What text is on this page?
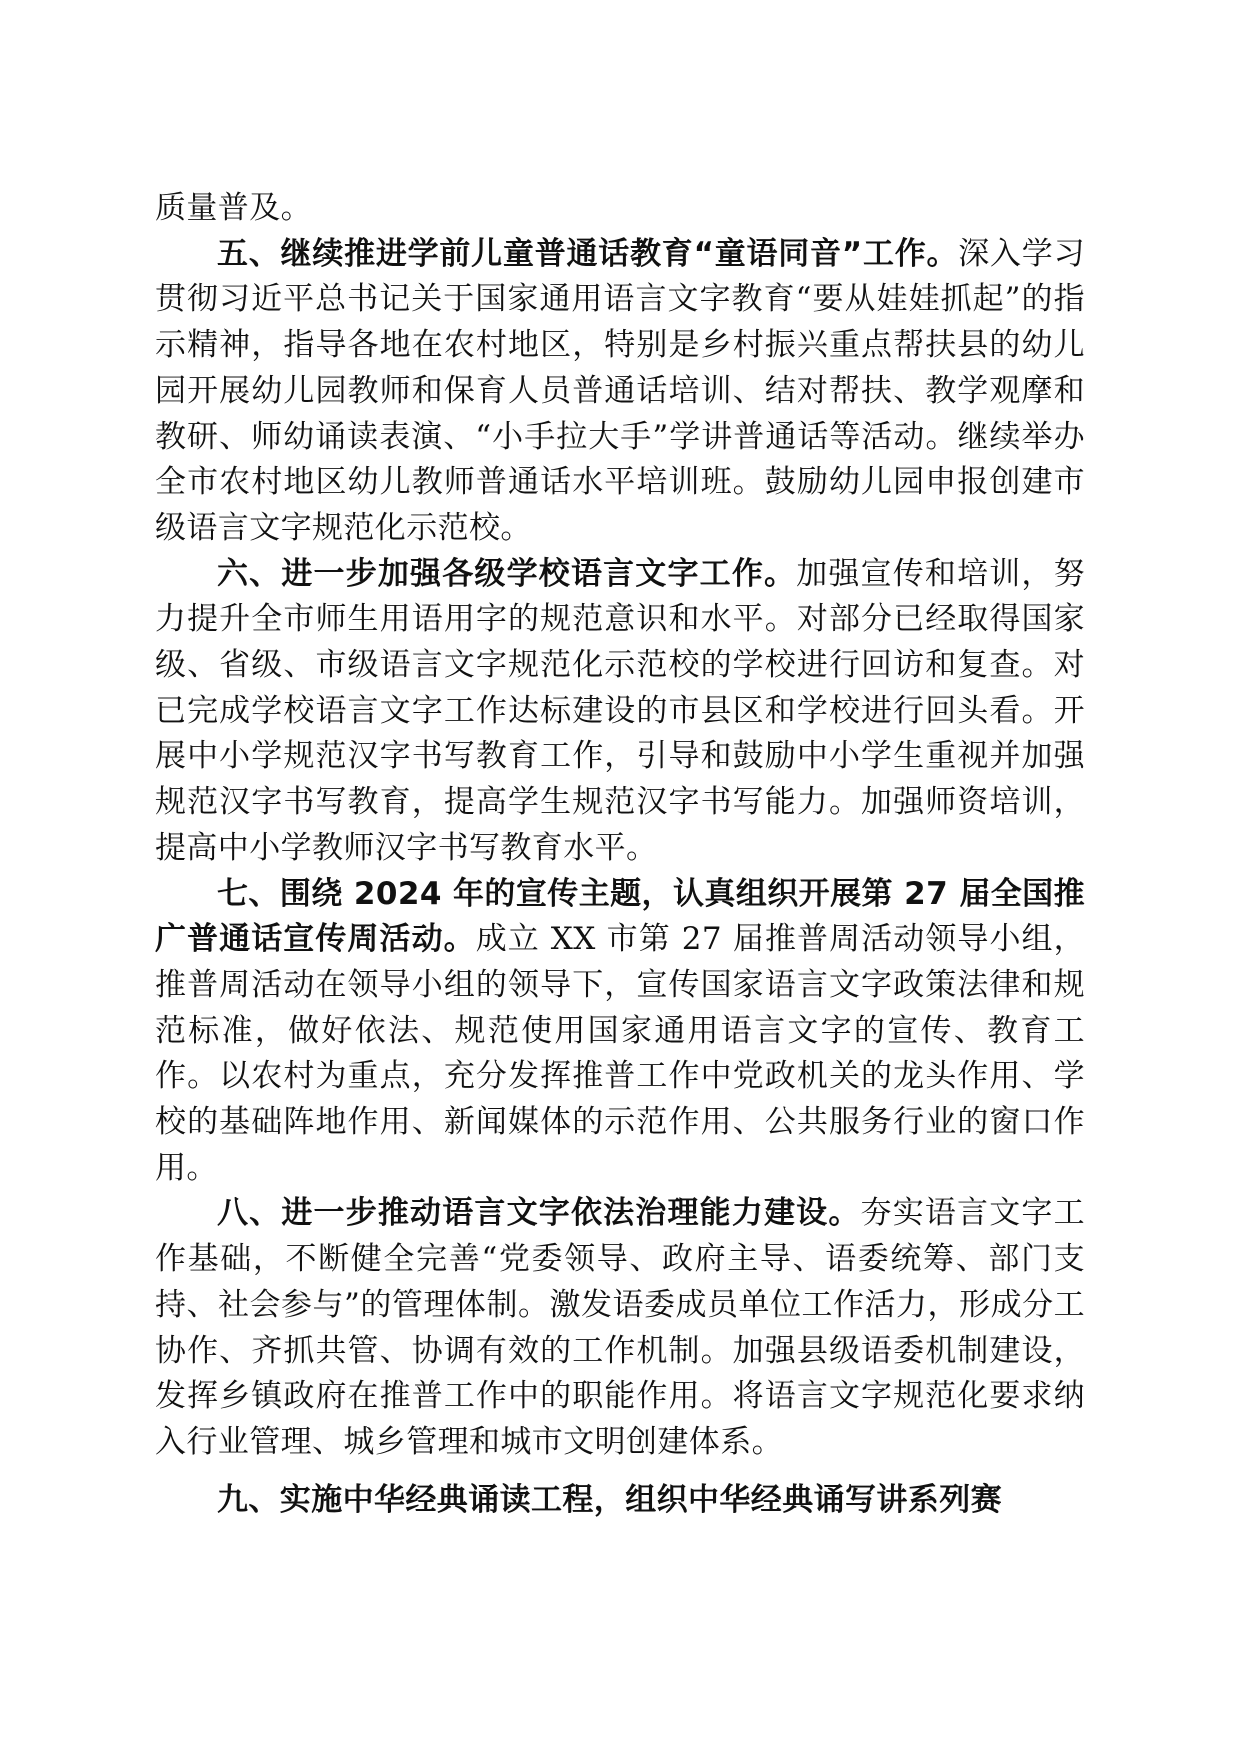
质量普及。

五、继续推进学前儿童普通话教育“童语同音”工作。深入学习贯彻习近平总书记关于国家通用语言文字教育“要从娃娃抓起”的指示精神，指导各地在农村地区，特别是乡村振兴重点帮扶县的幼儿园开展幼儿园教师和保育人员普通话培训、结对帮扶、教学观摩和教研、师幼诵读表演、“小手拉大手”学讲普通话等活动。继续举办全市农村地区幼儿教师普通话水平培训班。鼓励幼儿园申报创建市级语言文字规范化示范校。

六、进一步加强各级学校语言文字工作。加强宣传和培训，努力提升全市师生用语用字的规范意识和水平。对部分已经取得国家级、省级、市级语言文字规范化示范校的学校进行回访和复查。对已完成学校语言文字工作达标建设的市县区和学校进行回头看。开展中小学规范汉字书写教育工作，引导和鼓励中小学生重视并加强规范汉字书写教育，提高学生规范汉字书写能力。加强师资培训，提高中小学教师汉字书写教育水平。

七、围绕 2024 年的宣传主题，认真组织开展第 27 届全国推广普通话宣传周活动。成立 XX 市第 27 届推普周活动领导小组，推普周活动在领导小组的领导下，宣传国家语言文字政策法律和规范标准，做好依法、规范使用国家通用语言文字的宣传、教育工作。以农村为重点，充分发挥推普工作中党政机关的龙头作用、学校的基础阵地作用、新闻媒体的示范作用、公共服务行业的窗口作用。

八、进一步推动语言文字依法治理能力建设。夯实语言文字工作基础，不断健全完善“党委领导、政府主导、语委统筹、部门支持、社会参与”的管理体制。激发语委成员单位工作活力，形成分工协作、齐抓共管、协调有效的工作机制。加强县级语委机制建设，发挥乡镇政府在推普工作中的职能作用。将语言文字规范化要求纳入行业管理、城乡管理和城市文明创建体系。

九、实施中华经典诵读工程，组织中华经典诵写讲系列赛
